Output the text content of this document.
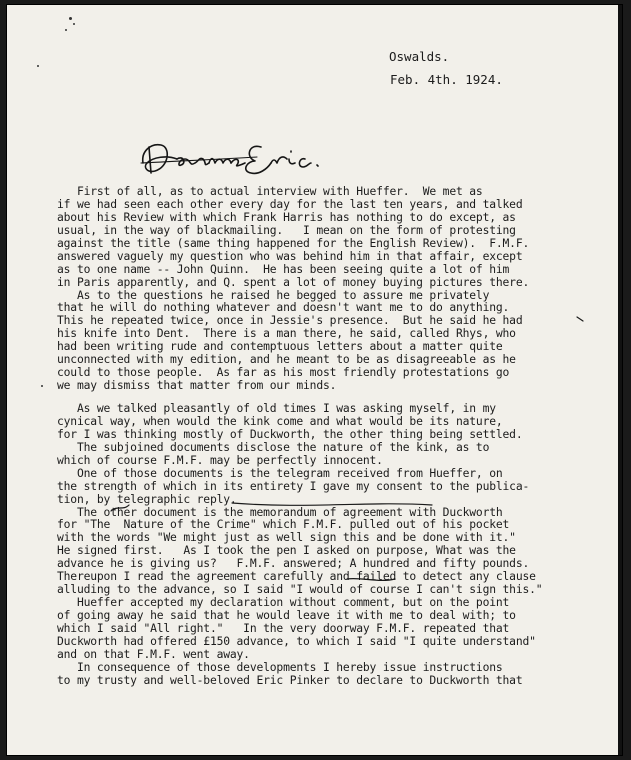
Oswalds.
Feb. 4th. 1924.
First of all, as to actual interview with Hueffer.  We met as
if we had seen each other every day for the last ten years, and talked
about his Review with which Frank Harris has nothing to do except, as
usual, in the way of blackmailing.   I mean on the form of protesting
against the title (same thing happened for the English Review).  F.M.F.
answered vaguely my question who was behind him in that affair, except
as to one name -- John Quinn.  He has been seeing quite a lot of him
in Paris apparently, and Q. spent a lot of money buying pictures there.
As to the questions he raised he begged to assure me privately
that he will do nothing whatever and doesn't want me to do anything.
This he repeated twice, once in Jessie's presence.  But he said he had
his knife into Dent.  There is a man there, he said, called Rhys, who
had been writing rude and contemptuous letters about a matter quite
unconnected with my edition, and he meant to be as disagreeable as he
could to those people.  As far as his most friendly protestations go
we may dismiss that matter from our minds.
As we talked pleasantly of old times I was asking myself, in my
cynical way, when would the kink come and what would be its nature,
for I was thinking mostly of Duckworth, the other thing being settled.
The subjoined documents disclose the nature of the kink, as to
which of course F.M.F. may be perfectly innocent.
One of those documents is the telegram received from Hueffer, on
the strength of which in its entirety I gave my consent to the publica-
tion, by telegraphic reply.
The other document is the memorandum of agreement with Duckworth
for "The  Nature of the Crime" which F.M.F. pulled out of his pocket
with the words "We might just as well sign this and be done with it."
He signed first.   As I took the pen I asked on purpose, What was the
advance he is giving us?   F.M.F. answered; A hundred and fifty pounds.
Thereupon I read the agreement carefully and failed to detect any clause
alluding to the advance, so I said "I would of course I can't sign this."
Hueffer accepted my declaration without comment, but on the point
of going away he said that he would leave it with me to deal with; to
which I said "All right."   In the very doorway F.M.F. repeated that
Duckworth had offered £150 advance, to which I said "I quite understand"
and on that F.M.F. went away.
In consequence of those developments I hereby issue instructions
to my trusty and well-beloved Eric Pinker to declare to Duckworth that
